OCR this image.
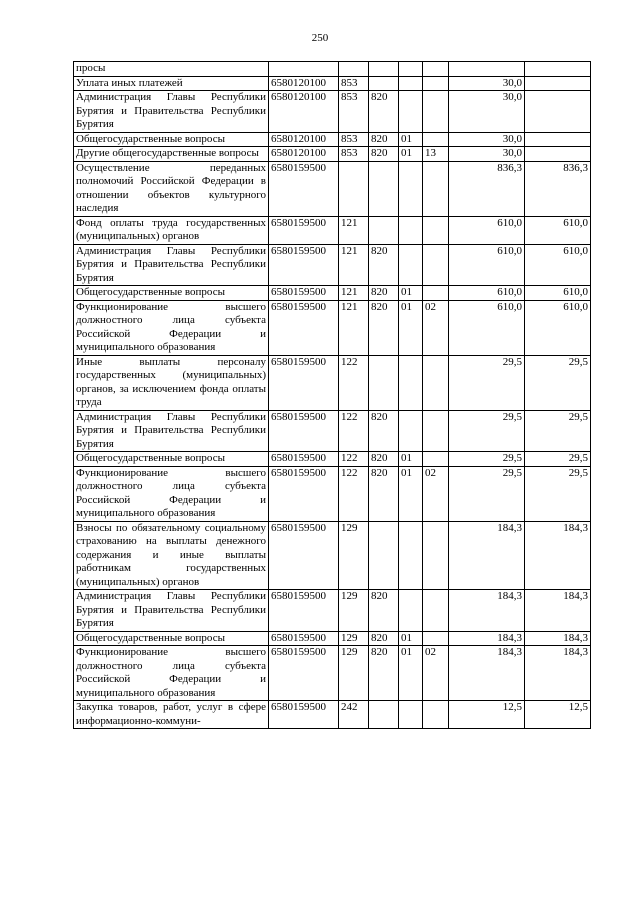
250
просы							
Уплата иных платежей	6580120100	853				30,0	
Администрация Главы Республики Бурятия и Правительства Республики Бурятия	6580120100	853	820			30,0	
Общегосударственные вопросы	6580120100	853	820	01		30,0	
Другие общегосударственные вопросы	6580120100	853	820	01	13	30,0	
Осуществление переданных полномочий Российской Федерации в отношении объектов культурного наследия	6580159500					836,3	836,3
Фонд оплаты труда государственных (муниципальных) органов	6580159500	121				610,0	610,0
Администрация Главы Республики Бурятия и Правительства Республики Бурятия	6580159500	121	820			610,0	610,0
Общегосударственные вопросы	6580159500	121	820	01		610,0	610,0
Функционирование высшего должностного лица субъекта Российской Федерации и муниципального образования	6580159500	121	820	01	02	610,0	610,0
Иные выплаты персоналу государственных (муниципальных) органов, за исключением фонда оплаты труда	6580159500	122				29,5	29,5
Администрация Главы Республики Бурятия и Правительства Республики Бурятия	6580159500	122	820			29,5	29,5
Общегосударственные вопросы	6580159500	122	820	01		29,5	29,5
Функционирование высшего должностного лица субъекта Российской Федерации и муниципального образования	6580159500	122	820	01	02	29,5	29,5
Взносы по обязательному социальному страхованию на выплаты денежного содержания и иные выплаты работникам государственных (муниципальных) органов	6580159500	129				184,3	184,3
Администрация Главы Республики Бурятия и Правительства Республики Бурятия	6580159500	129	820			184,3	184,3
Общегосударственные вопросы	6580159500	129	820	01		184,3	184,3
Функционирование высшего должностного лица субъекта Российской Федерации и муниципального образования	6580159500	129	820	01	02	184,3	184,3
Закупка товаров, работ, услуг в сфере информационно-коммуни-	6580159500	242				12,5	12,5
